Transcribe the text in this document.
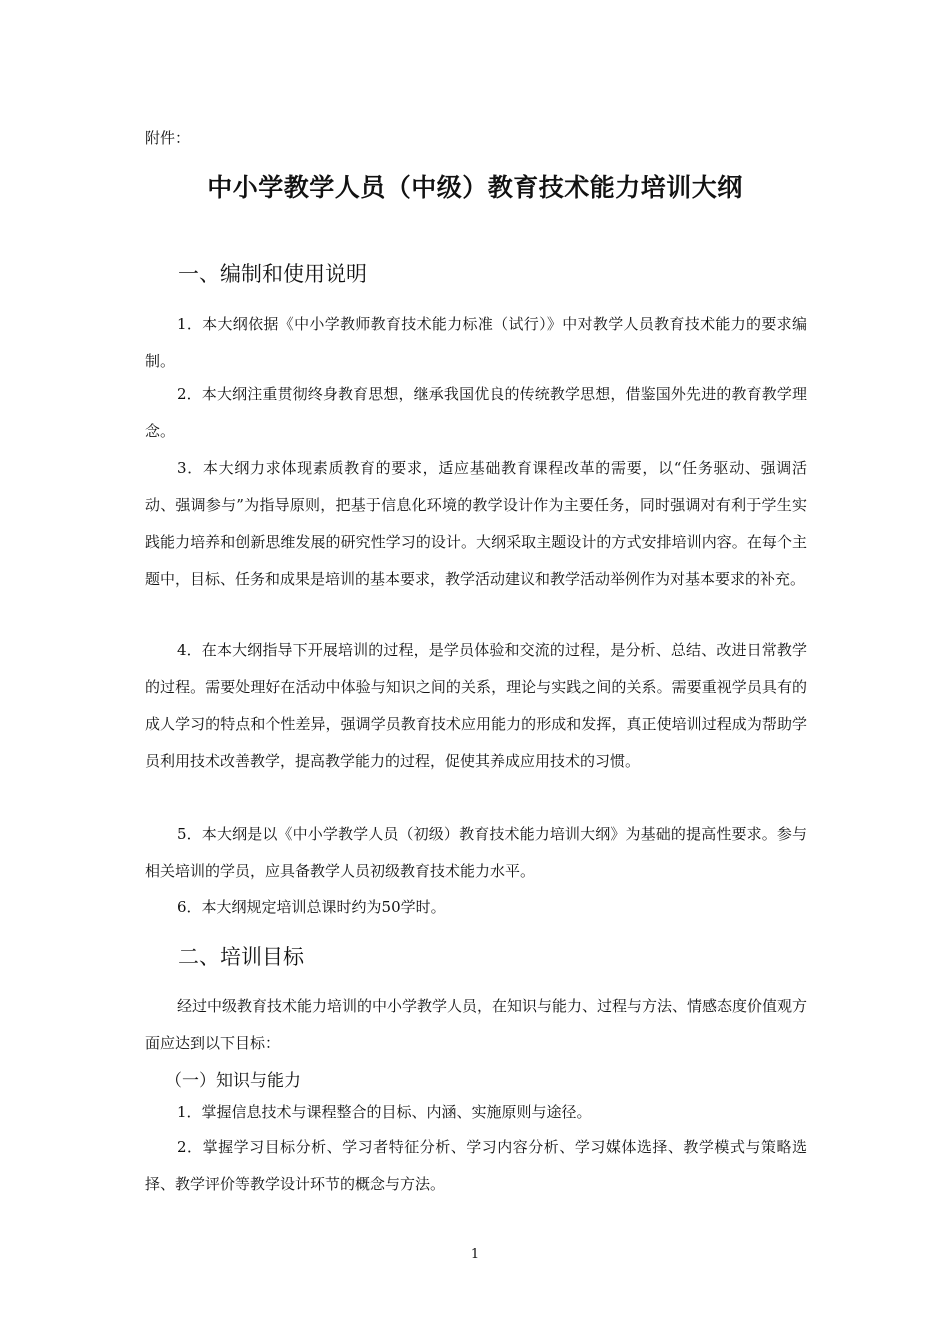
附件：
中小学教学人员（中级）教育技术能力培训大纲
一、编制和使用说明

1．本大纲依据《中小学教师教育技术能力标准（试行）》中对教学人员教育技术能力的要求编制。

2．本大纲注重贯彻终身教育思想，继承我国优良的传统教学思想，借鉴国外先进的教育教学理念。

3．本大纲力求体现素质教育的要求，适应基础教育课程改革的需要，以“任务驱动、强调活动、强调参与”为指导原则，把基于信息化环境的教学设计作为主要任务，同时强调对有利于学生实践能力培养和创新思维发展的研究性学习的设计。大纲采取主题设计的方式安排培训内容。在每个主题中，目标、任务和成果是培训的基本要求，教学活动建议和教学活动举例作为对基本要求的补充。

4．在本大纲指导下开展培训的过程，是学员体验和交流的过程，是分析、总结、改进日常教学的过程。需要处理好在活动中体验与知识之间的关系，理论与实践之间的关系。需要重视学员具有的成人学习的特点和个性差异，强调学员教育技术应用能力的形成和发挥，真正使培训过程成为帮助学员利用技术改善教学，提高教学能力的过程，促使其养成应用技术的习惯。

5．本大纲是以《中小学教学人员（初级）教育技术能力培训大纲》为基础的提高性要求。参与相关培训的学员，应具备教学人员初级教育技术能力水平。

6．本大纲规定培训总课时约为50学时。

二、培训目标

经过中级教育技术能力培训的中小学教学人员，在知识与能力、过程与方法、情感态度价值观方面应达到以下目标：

（一）知识与能力

1．掌握信息技术与课程整合的目标、内涵、实施原则与途径。

2．掌握学习目标分析、学习者特征分析、学习内容分析、学习媒体选择、教学模式与策略选择、教学评价等教学设计环节的概念与方法。

1
